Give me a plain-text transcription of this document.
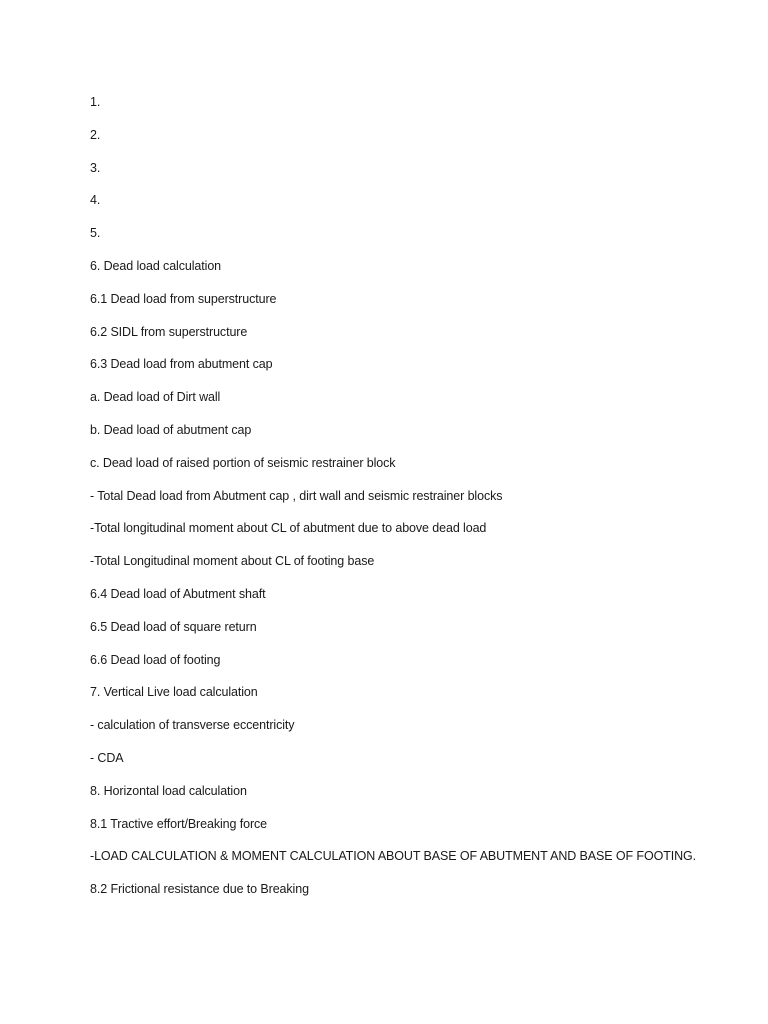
1.
2.
3.
4.
5.
6. Dead load calculation
6.1 Dead load from superstructure
6.2 SIDL from superstructure
6.3 Dead load from abutment cap
a. Dead load of Dirt wall
b. Dead load of abutment cap
c. Dead load of raised portion of seismic restrainer block
- Total Dead load from Abutment cap , dirt wall and seismic restrainer blocks
-Total longitudinal moment about CL of abutment due to above dead load
-Total Longitudinal moment about CL of footing base
6.4 Dead load of Abutment shaft
6.5 Dead load of square return
6.6 Dead load of footing
7. Vertical Live load calculation
- calculation of transverse eccentricity
- CDA
8. Horizontal load calculation
8.1 Tractive effort/Breaking force
-LOAD CALCULATION & MOMENT CALCULATION ABOUT BASE OF ABUTMENT AND BASE OF FOOTING.
8.2 Frictional resistance due to Breaking
